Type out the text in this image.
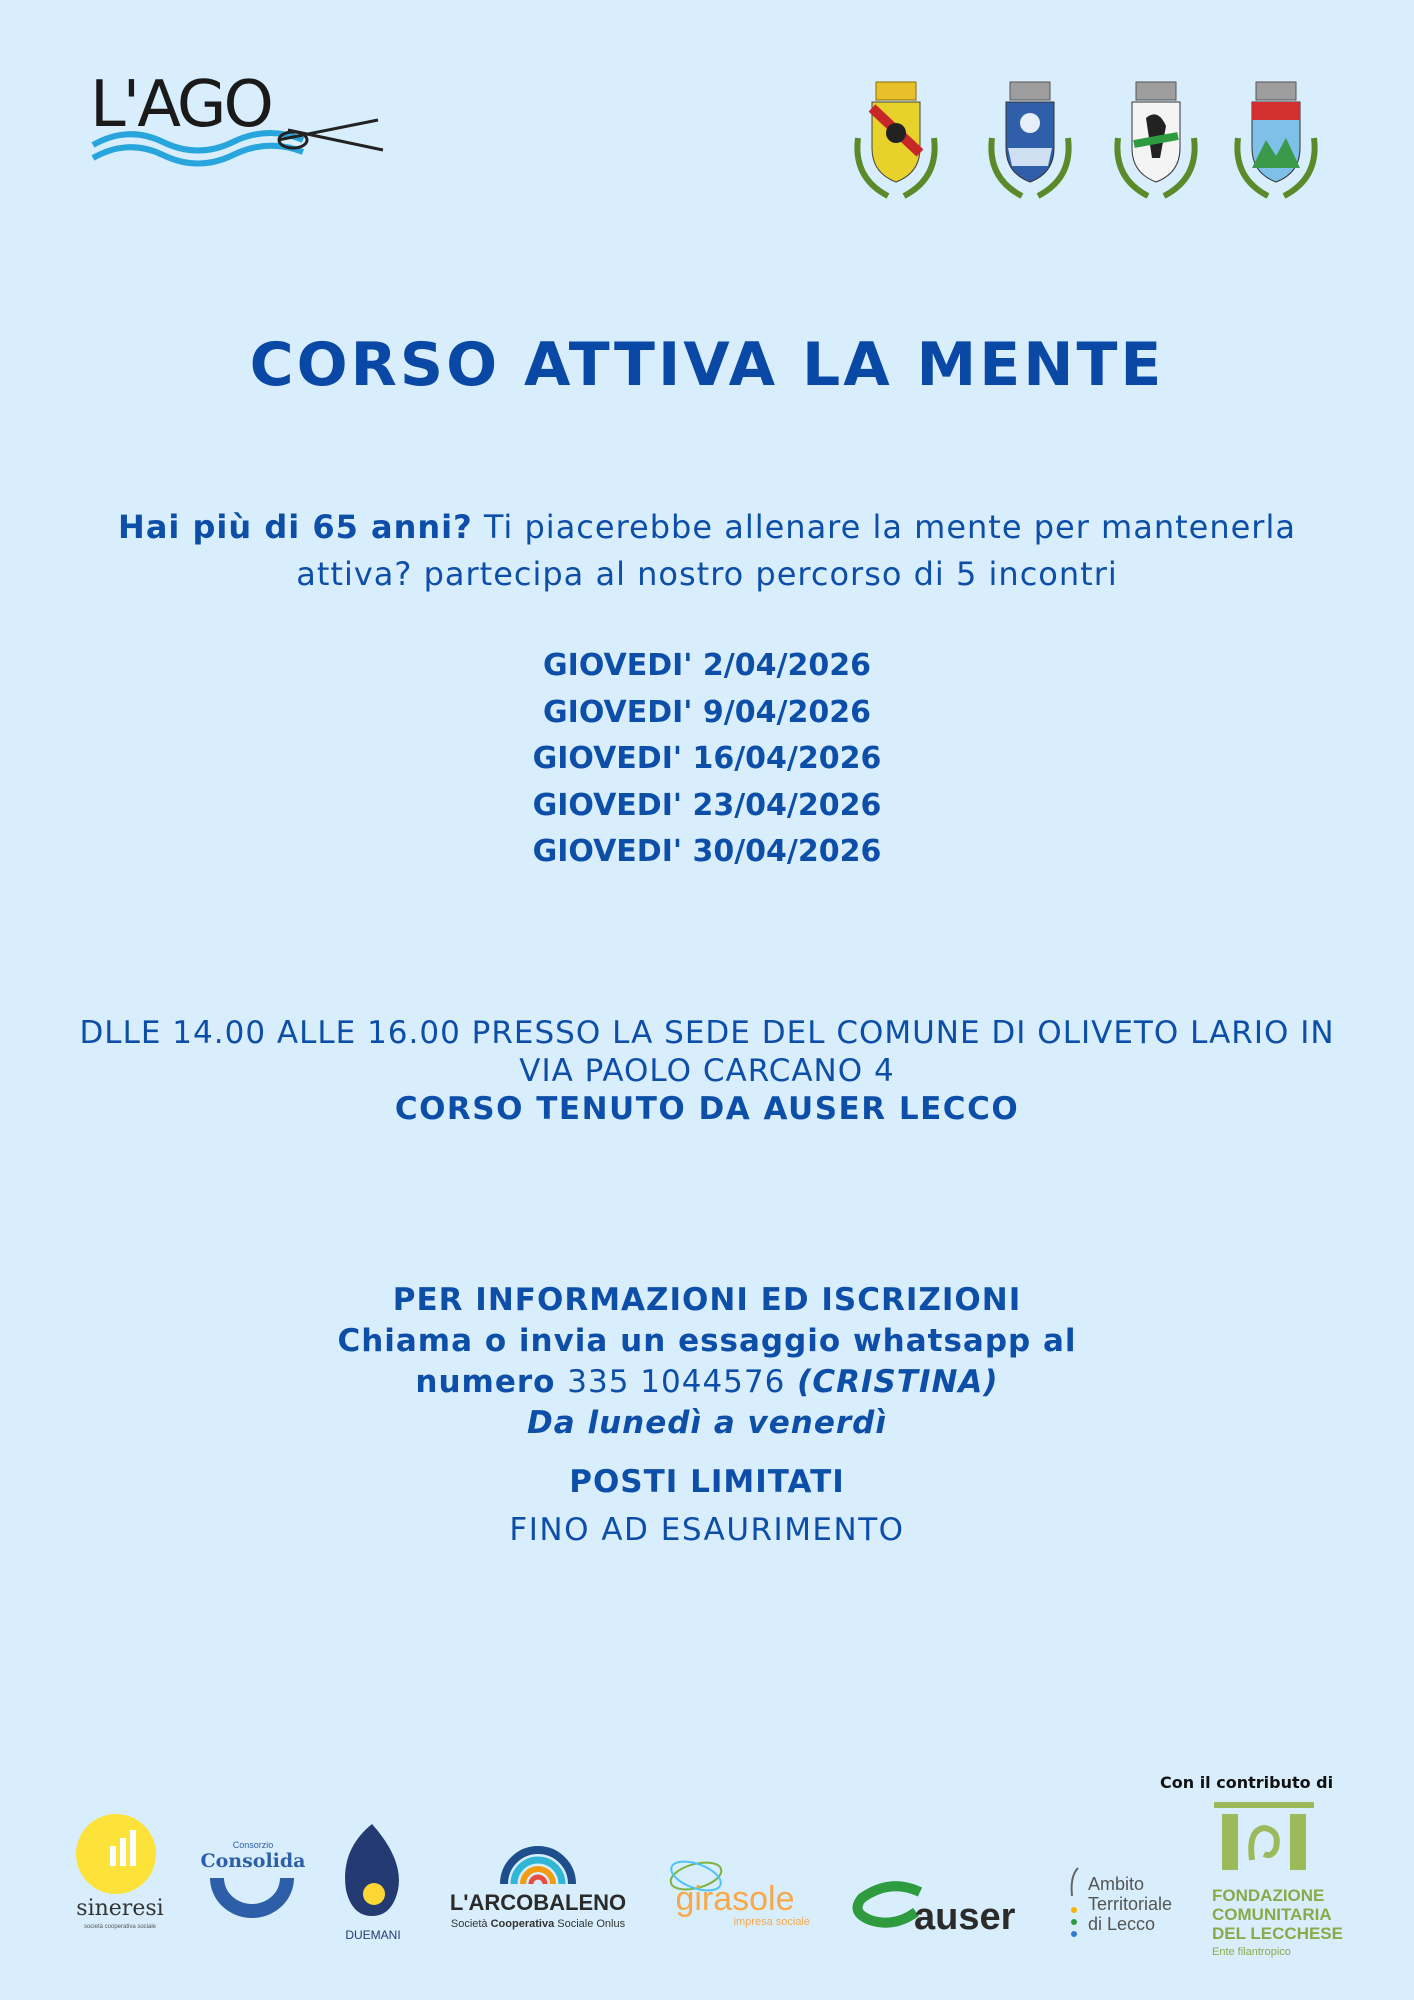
L'AGO
CORSO ATTIVA LA MENTE
Hai più di 65 anni? Ti piacerebbe allenare la mente per mantenerla attiva? partecipa al nostro percorso di 5 incontri
GIOVEDI' 2/04/2026
GIOVEDI' 9/04/2026
GIOVEDI' 16/04/2026
GIOVEDI' 23/04/2026
GIOVEDI' 30/04/2026
DLLE 14.00 ALLE 16.00 PRESSO LA SEDE DEL COMUNE DI OLIVETO LARIO IN
VIA PAOLO CARCANO 4
CORSO TENUTO DA AUSER LECCO
PER INFORMAZIONI ED ISCRIZIONI
Chiama o invia un essaggio whatsapp al
numero 335 1044576 (CRISTINA)
Da lunedì a venerdì
POSTI LIMITATI
FINO AD ESAURIMENTO
Con il contributo di
sineresi
società cooperativa sociale
Consorzio
Consolida
DUEMANI
L'ARCOBALENO
Società Cooperativa Sociale Onlus
girasole
impresa sociale	auser
Ambito
Territoriale
di Lecco
FONDAZIONE
COMUNITARIA
DEL LECCHESE
Ente filantropico
